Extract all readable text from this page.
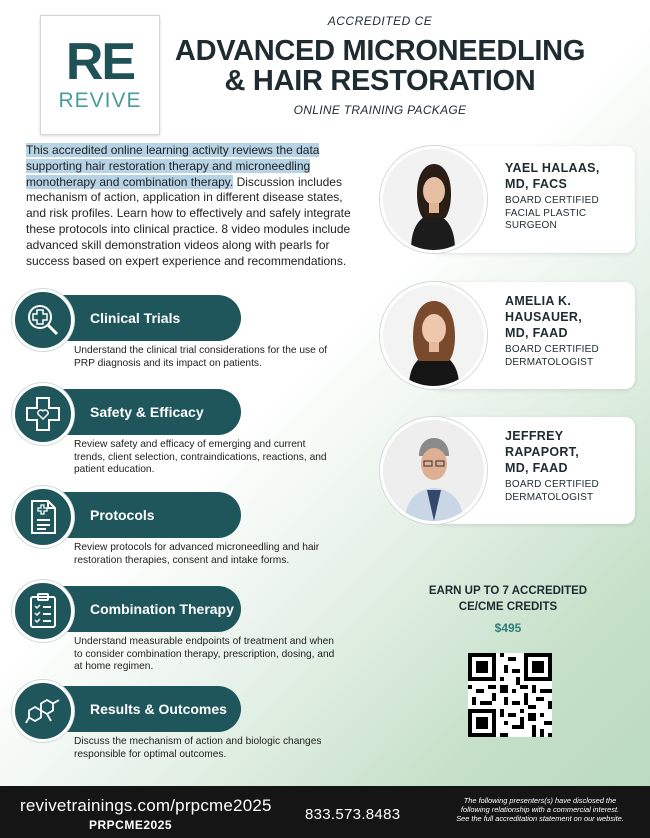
RE
REVIVE
ACCREDITED CE
ADVANCED MICRONEEDLING
& HAIR RESTORATION
ONLINE TRAINING PACKAGE

This accredited online learning activity reviews the data supporting hair restoration therapy and microneedling monotherapy and combination therapy. Discussion includes mechanism of action, application in different disease states, and risk profiles. Learn how to effectively and safely integrate these protocols into clinical practice. 8 video modules include advanced skill demonstration videos along with pearls for success based on expert experience and recommendations.

Clinical Trials
Understand the clinical trial considerations for the use of PRP diagnosis and its impact on patients.
Safety & Efficacy
Review safety and efficacy of emerging and current trends, client selection, contraindications, reactions, and patient education.
Protocols
Review protocols for advanced microneedling and hair restoration therapies, consent and intake forms.
Combination Therapy
Understand measurable endpoints of treatment and when to consider combination therapy, prescription, dosing, and at home regimen.
Results & Outcomes
Discuss the mechanism of action and biologic changes responsible for optimal outcomes.
YAEL HALAAS,
MD, FACS
BOARD CERTIFIED
FACIAL PLASTIC
SURGEON
AMELIA K.
HAUSAUER,
MD, FAAD
BOARD CERTIFIED
DERMATOLOGIST
JEFFREY
RAPAPORT,
MD, FAAD
BOARD CERTIFIED
DERMATOLOGIST
EARN UP TO 7 ACCREDITED
CE/CME CREDITS
$495
revivetrainings.com/prpcme2025
PRPCME2025
833.573.8483
The following presenters(s) have disclosed the
following relationship with a commercial interest.
See the full accreditation statement on our website.
